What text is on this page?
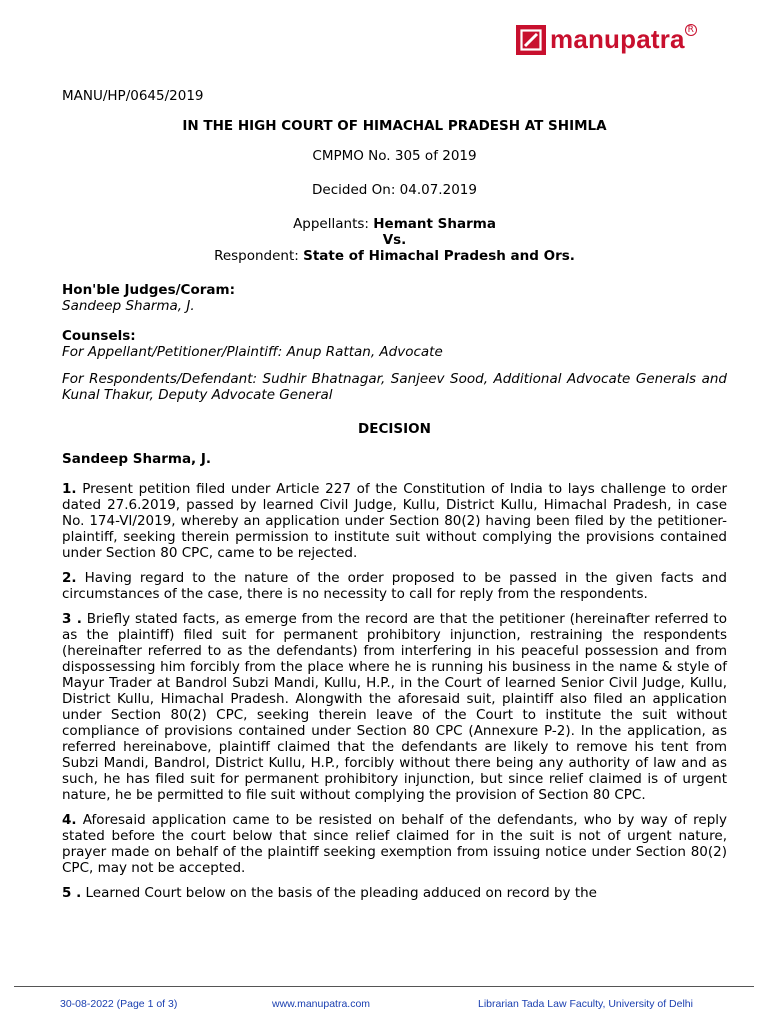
manupatra R

MANU/HP/0645/2019

IN THE HIGH COURT OF HIMACHAL PRADESH AT SHIMLA

CMPMO No. 305 of 2019

Decided On: 04.07.2019

Appellants: Hemant Sharma
Vs.
Respondent: State of Himachal Pradesh and Ors.

Hon'ble Judges/Coram:

Sandeep Sharma, J.

Counsels:

For Appellant/Petitioner/Plaintiff: Anup Rattan, Advocate

For Respondents/Defendant: Sudhir Bhatnagar, Sanjeev Sood, Additional Advocate Generals and Kunal Thakur, Deputy Advocate General

DECISION

Sandeep Sharma, J.

1. Present petition filed under Article 227 of the Constitution of India to lays challenge to order dated 27.6.2019, passed by learned Civil Judge, Kullu, District Kullu, Himachal Pradesh, in case No. 174-VI/2019, whereby an application under Section 80(2) having been filed by the petitioner-plaintiff, seeking therein permission to institute suit without complying the provisions contained under Section 80 CPC, came to be rejected.

2. Having regard to the nature of the order proposed to be passed in the given facts and circumstances of the case, there is no necessity to call for reply from the respondents.

3 . Briefly stated facts, as emerge from the record are that the petitioner (hereinafter referred to as the plaintiff) filed suit for permanent prohibitory injunction, restraining the respondents (hereinafter referred to as the defendants) from interfering in his peaceful possession and from dispossessing him forcibly from the place where he is running his business in the name & style of Mayur Trader at Bandrol Subzi Mandi, Kullu, H.P., in the Court of learned Senior Civil Judge, Kullu, District Kullu, Himachal Pradesh. Alongwith the aforesaid suit, plaintiff also filed an application under Section 80(2) CPC, seeking therein leave of the Court to institute the suit without compliance of provisions contained under Section 80 CPC (Annexure P-2). In the application, as referred hereinabove, plaintiff claimed that the defendants are likely to remove his tent from Subzi Mandi, Bandrol, District Kullu, H.P., forcibly without there being any authority of law and as such, he has filed suit for permanent prohibitory injunction, but since relief claimed is of urgent nature, he be permitted to file suit without complying the provision of Section 80 CPC.

4. Aforesaid application came to be resisted on behalf of the defendants, who by way of reply stated before the court below that since relief claimed for in the suit is not of urgent nature, prayer made on behalf of the plaintiff seeking exemption from issuing notice under Section 80(2) CPC, may not be accepted.

5 . Learned Court below on the basis of the pleading adduced on record by the

30-08-2022 (Page 1 of 3)	www.manupatra.com	Librarian Tada Law Faculty, University of Delhi
